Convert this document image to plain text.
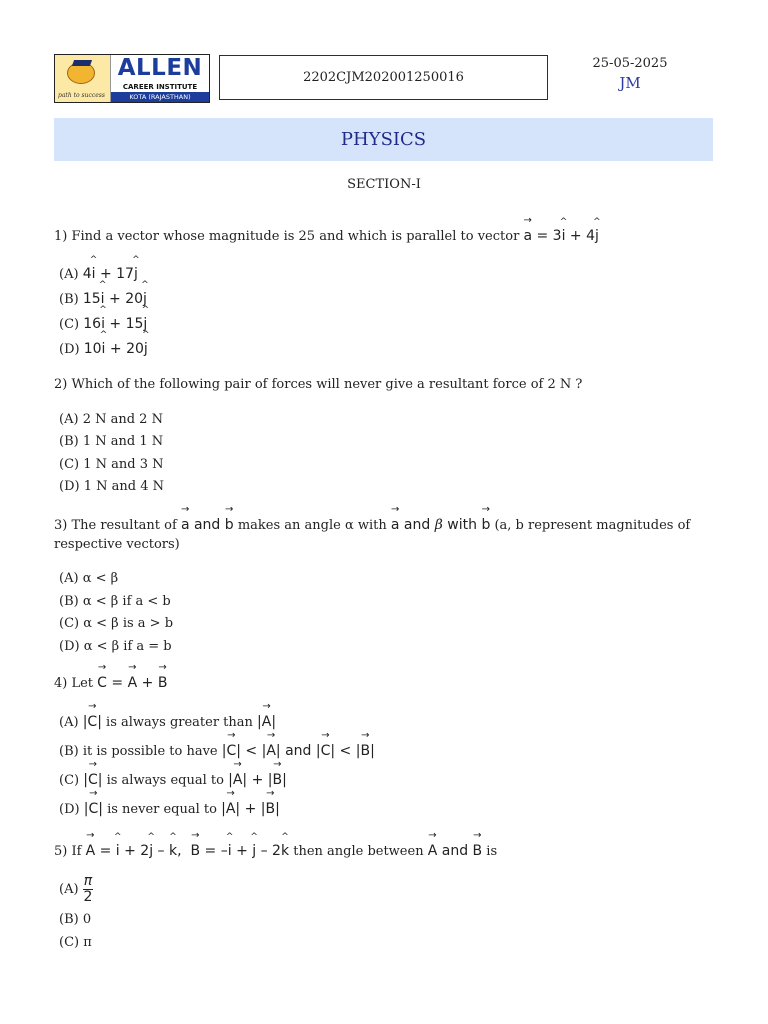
path to success
ALLEN
CAREER INSTITUTE
KOTA (RAJASTHAN)
2202CJM202001250016
25-05-2025
JM
PHYSICS
SECTION-I
1) Find a vector whose magnitude is 25 and which is parallel to vector → a = 3^ i + 4^ j
(A) 4^ i + 17^ j
(B) 15^ i + 20^ j
(C) 16^ i + 15^ j
(D) 10^ i + 20^ j
2) Which of the following pair of forces will never give a resultant force of 2 N ?
(A) 2 N and 2 N
(B) 1 N and 1 N
(C) 1 N and 3 N
(D) 1 N and 4 N
3) The resultant of → a and → b makes an angle α with → a and β with → b (a, b represent magnitudes of respective vectors)
(A) α < β
(B) α < β if a < b
(C) α < β is a > b
(D) α < β if a = b
4) Let → C = → A + → B
(A) |→ C| is always greater than |→ A|
(B) it is possible to have |→ C| < |→ A| and |→ C| < |→ B|
(C) |→ C| is always equal to |→ A| + |→ B|
(D) |→ C| is never equal to |→ A| + |→ B|
5) If → A = ^ i + 2^ j – ^ k,  → B = –^ i + ^ j – 2^ k then angle between → A and → B is
$(A) \frac{\pi}{2}$
(B) 0
(C) π
